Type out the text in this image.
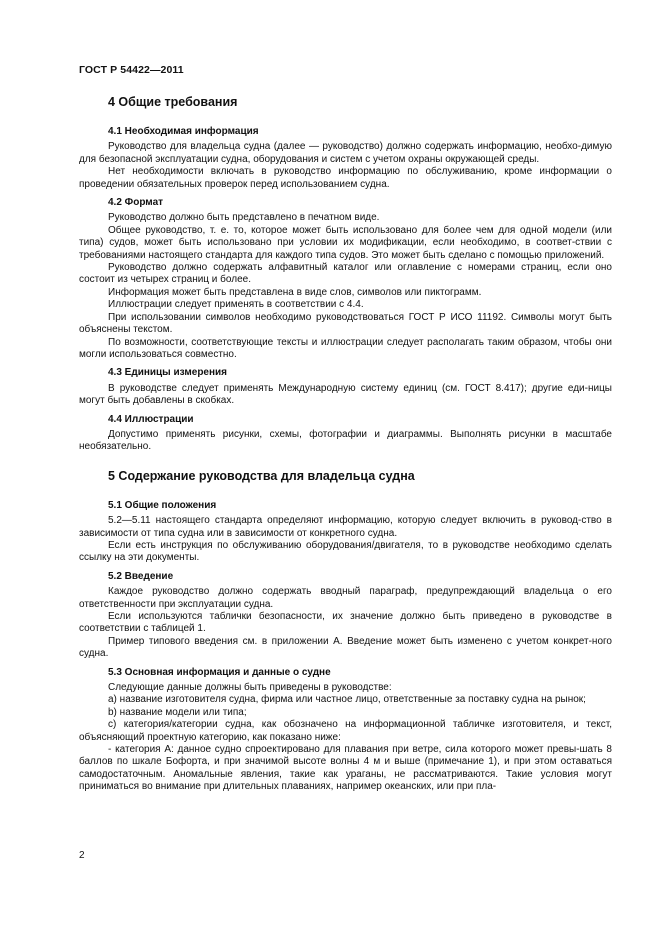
ГОСТ Р 54422—2011
4 Общие требования
4.1 Необходимая информация

Руководство для владельца судна (далее — руководство) должно содержать информацию, необхо-димую для безопасной эксплуатации судна, оборудования и систем с учетом охраны окружающей среды.

Нет необходимости включать в руководство информацию по обслуживанию, кроме информации о проведении обязательных проверок перед использованием судна.

4.2 Формат

Руководство должно быть представлено в печатном виде.

Общее руководство, т. е. то, которое может быть использовано для более чем для одной модели (или типа) судов, может быть использовано при условии их модификации, если необходимо, в соответ-ствии с требованиями настоящего стандарта для каждого типа судов. Это может быть сделано с помощью приложений.

Руководство должно содержать алфавитный каталог или оглавление с номерами страниц, если оно состоит из четырех страниц и более.

Информация может быть представлена в виде слов, символов или пиктограмм.

Иллюстрации следует применять в соответствии с 4.4.

При использовании символов необходимо руководствоваться ГОСТ Р ИСО 11192. Символы могут быть объяснены текстом.

По возможности, соответствующие тексты и иллюстрации следует располагать таким образом, чтобы они могли использоваться совместно.

4.3 Единицы измерения

В руководстве следует применять Международную систему единиц (см. ГОСТ 8.417); другие еди-ницы могут быть добавлены в скобках.

4.4 Иллюстрации

Допустимо применять рисунки, схемы, фотографии и диаграммы. Выполнять рисунки в масштабе необязательно.

5 Содержание руководства для владельца судна
5.1 Общие положения

5.2—5.11 настоящего стандарта определяют информацию, которую следует включить в руковод-ство в зависимости от типа судна или в зависимости от конкретного судна.

Если есть инструкция по обслуживанию оборудования/двигателя, то в руководстве необходимо сделать ссылку на эти документы.

5.2 Введение

Каждое руководство должно содержать вводный параграф, предупреждающий владельца о его ответственности при эксплуатации судна.

Если используются таблички безопасности, их значение должно быть приведено в руководстве в соответствии с таблицей 1.

Пример типового введения см. в приложении А. Введение может быть изменено с учетом конкрет-ного судна.

5.3 Основная информация и данные о судне

Следующие данные должны быть приведены в руководстве:

а) название изготовителя судна, фирма или частное лицо, ответственные за поставку судна на рынок;

b) название модели или типа;

с) категория/категории судна, как обозначено на информационной табличке изготовителя, и текст, объясняющий проектную категорию, как показано ниже:

- категория А: данное судно спроектировано для плавания при ветре, сила которого может превы-шать 8 баллов по шкале Бофорта, и при значимой высоте волны 4 м и выше (примечание 1), и при этом оставаться самодостаточным. Аномальные явления, такие как ураганы, не рассматриваются. Такие условия могут приниматься во внимание при длительных плаваниях, например океанских, или при пла-

2
